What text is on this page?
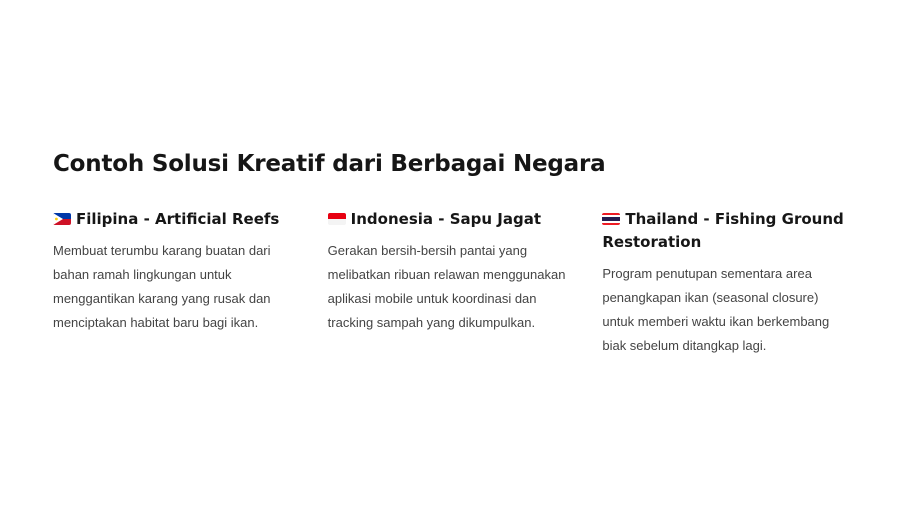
Contoh Solusi Kreatif dari Berbagai Negara
Filipina - Artificial Reefs

Membuat terumbu karang buatan dari bahan ramah lingkungan untuk menggantikan karang yang rusak dan menciptakan habitat baru bagi ikan.

Indonesia - Sapu Jagat

Gerakan bersih-bersih pantai yang melibatkan ribuan relawan menggunakan aplikasi mobile untuk koordinasi dan tracking sampah yang dikumpulkan.

Thailand - Fishing Ground Restoration

Program penutupan sementara area penangkapan ikan (seasonal closure) untuk memberi waktu ikan berkembang biak sebelum ditangkap lagi.
